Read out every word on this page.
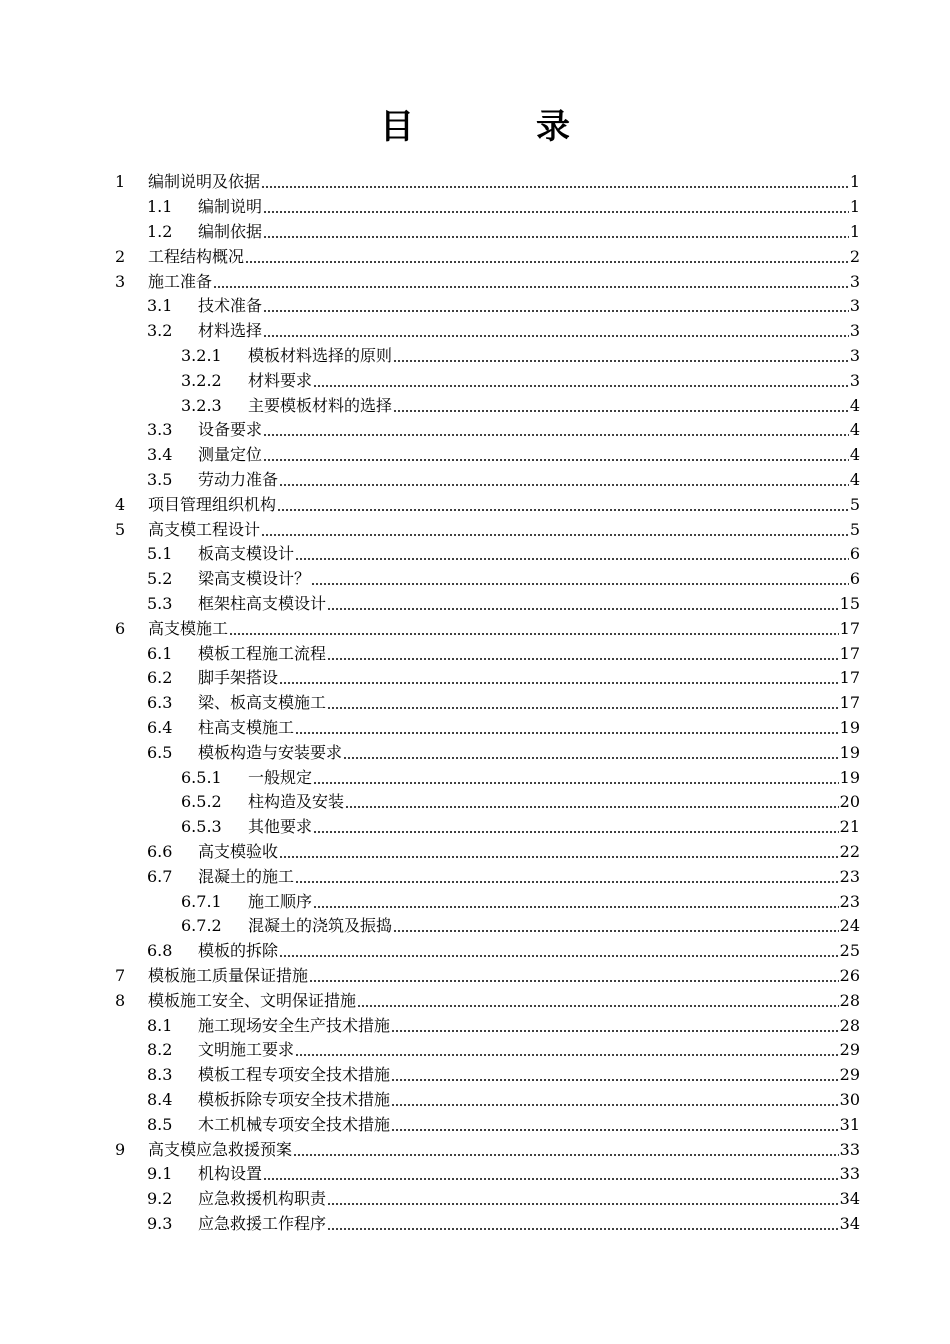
目　录
1	编制说明及依据	1
1.1	编制说明	1
1.2	编制依据	1
2	工程结构概况	2
3	施工准备	3
3.1	技术准备	3
3.2	材料选择	3
3.2.1	模板材料选择的原则	3
3.2.2	材料要求	3
3.2.3	主要模板材料的选择	4
3.3	设备要求	4
3.4	测量定位	4
3.5	劳动力准备	4
4	项目管理组织机构	5
5	高支模工程设计	5
5.1	板高支模设计	6
5.2	梁高支模设计？	6
5.3	框架柱高支模设计	15
6	高支模施工	17
6.1	模板工程施工流程	17
6.2	脚手架搭设	17
6.3	梁、板高支模施工	17
6.4	柱高支模施工	19
6.5	模板构造与安装要求	19
6.5.1	一般规定	19
6.5.2	柱构造及安装	20
6.5.3	其他要求	21
6.6	高支模验收	22
6.7	混凝土的施工	23
6.7.1	施工顺序	23
6.7.2	混凝土的浇筑及振捣	24
6.8	模板的拆除	25
7	模板施工质量保证措施	26
8	模板施工安全、文明保证措施	28
8.1	施工现场安全生产技术措施	28
8.2	文明施工要求	29
8.3	模板工程专项安全技术措施	29
8.4	模板拆除专项安全技术措施	30
8.5	木工机械专项安全技术措施	31
9	高支模应急救援预案	33
9.1	机构设置	33
9.2	应急救援机构职责	34
9.3	应急救援工作程序	34
